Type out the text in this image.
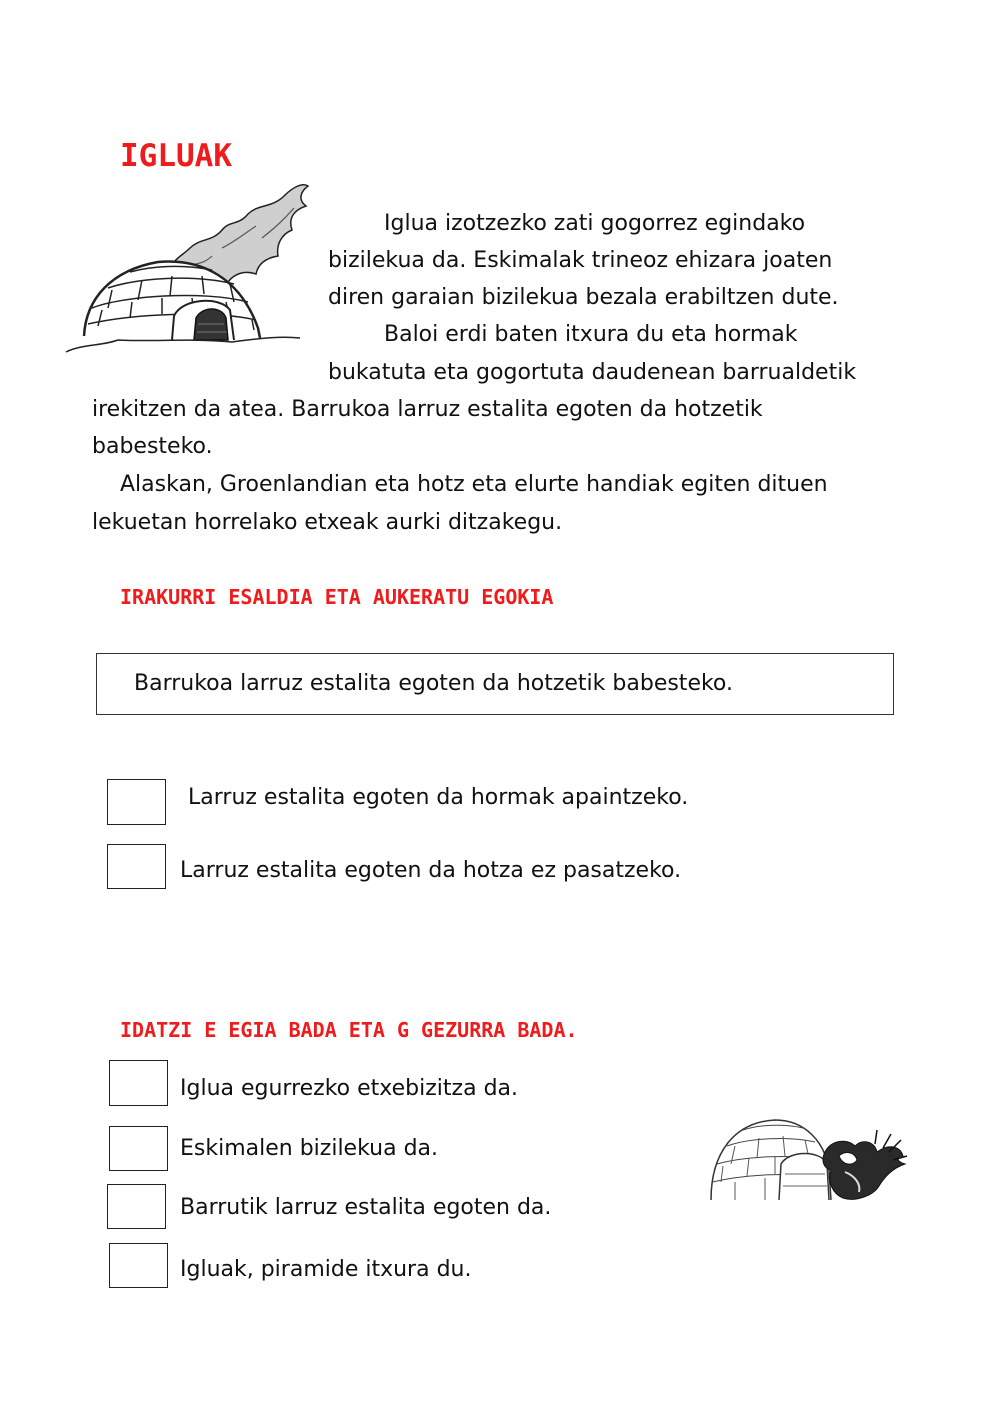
IGLUAK

Iglua izotzezko zati gogorrez egindako

bizilekua da. Eskimalak trineoz ehizara joaten

diren garaian bizilekua bezala erabiltzen dute.

Baloi erdi baten itxura du eta hormak

bukatuta eta gogortuta daudenean barrualdetik

irekitzen da atea. Barrukoa larruz estalita egoten da hotzetik

babesteko.

Alaskan, Groenlandian eta hotz eta elurte handiak egiten dituen

lekuetan horrelako etxeak aurki ditzakegu.

IRAKURRI ESALDIA ETA AUKERATU EGOKIA
Barrukoa larruz estalita egoten da hotzetik babesteko.

Larruz estalita egoten da hormak apaintzeko.

Larruz estalita egoten da hotza ez pasatzeko.

IDATZI E EGIA BADA ETA G GEZURRA BADA.

Iglua egurrezko etxebizitza da.

Eskimalen bizilekua da.

Barrutik larruz estalita egoten da.

Igluak, piramide itxura du.
